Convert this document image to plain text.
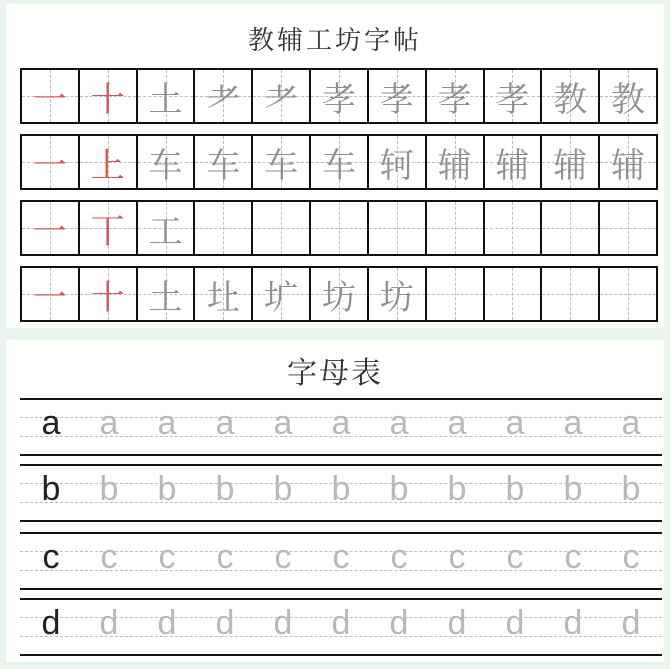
教辅工坊字帖
一 十 土 耂 耂 孝 孝 孝 孝 教 教
一 上 车 车 车 车 轲 辅 辅 辅 辅
一 丅 工
一 十 土 圵 圹 坊 坊
字母表
a	a	a	a	a	a	a	a	a	a	a
b	b	b	b	b	b	b	b	b	b	b
c	c	c	c	c	c	c	c	c	c	c
d	d	d	d	d	d	d	d	d	d	d
